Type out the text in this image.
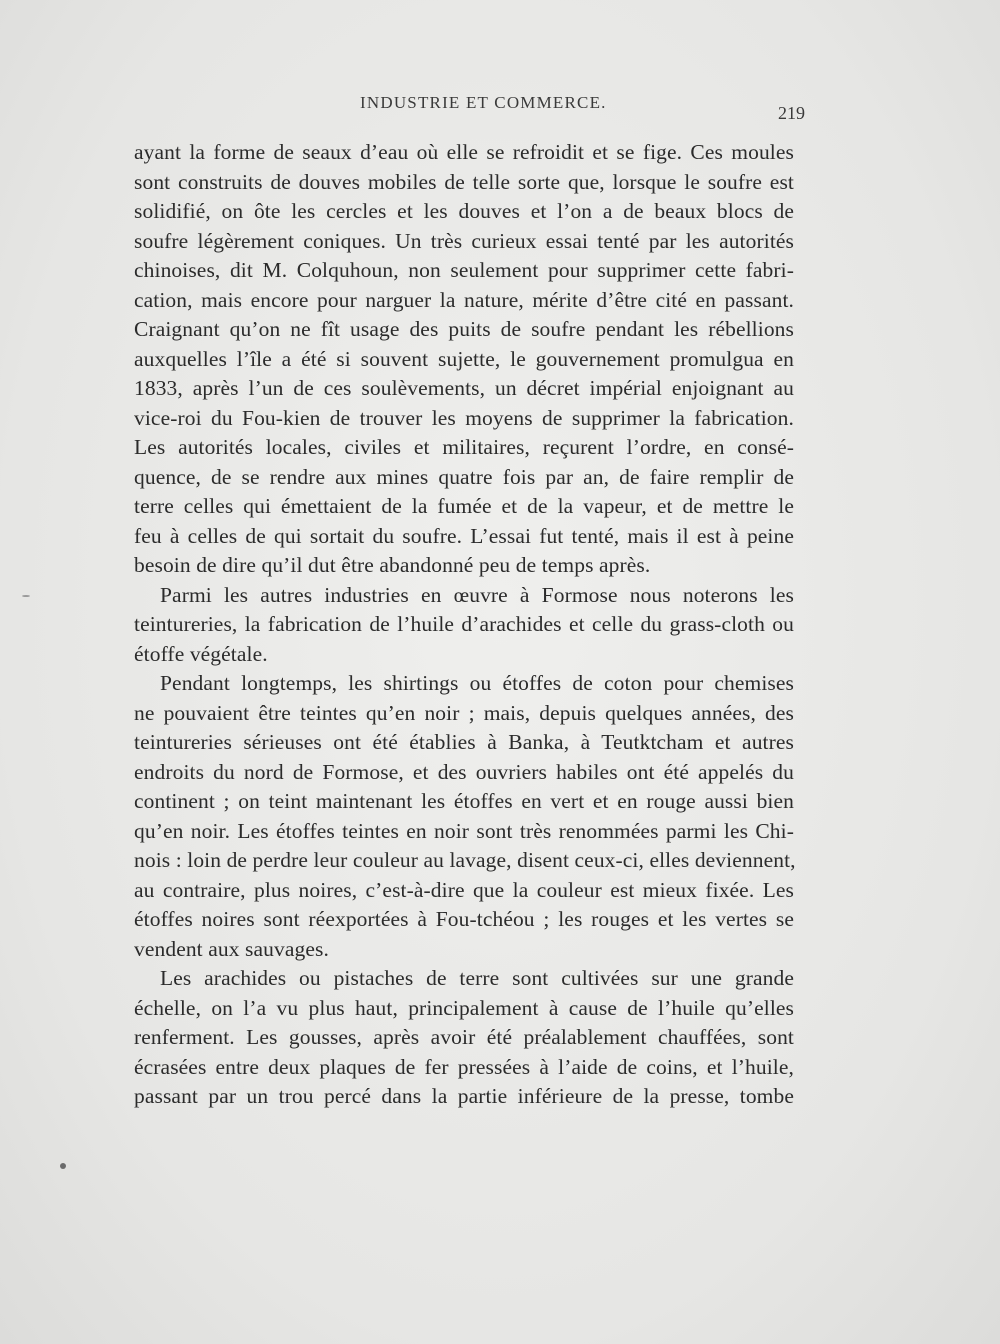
INDUSTRIE ET COMMERCE.
219
ayant la forme de seaux d’eau où elle se refroidit et se fige. Ces moules
sont construits de douves mobiles de telle sorte que, lorsque le soufre est
solidifié, on ôte les cercles et les douves et l’on a de beaux blocs de
soufre légèrement coniques. Un très curieux essai tenté par les autorités
chinoises, dit M. Colquhoun, non seulement pour supprimer cette fabri-
cation, mais encore pour narguer la nature, mérite d’être cité en passant.
Craignant qu’on ne fît usage des puits de soufre pendant les rébellions
auxquelles l’île a été si souvent sujette, le gouvernement promulgua en
1833, après l’un de ces soulèvements, un décret impérial enjoignant au
vice-roi du Fou-kien de trouver les moyens de supprimer la fabrication.
Les autorités locales, civiles et militaires, reçurent l’ordre, en consé-
quence, de se rendre aux mines quatre fois par an, de faire remplir de
terre celles qui émettaient de la fumée et de la vapeur, et de mettre le
feu à celles de qui sortait du soufre. L’essai fut tenté, mais il est à peine
besoin de dire qu’il dut être abandonné peu de temps après.
Parmi les autres industries en œuvre à Formose nous noterons les
teintureries, la fabrication de l’huile d’arachides et celle du grass-cloth ou
étoffe végétale.
Pendant longtemps, les shirtings ou étoffes de coton pour chemises
ne pouvaient être teintes qu’en noir ; mais, depuis quelques années, des
teintureries sérieuses ont été établies à Banka, à Teutktcham et autres
endroits du nord de Formose, et des ouvriers habiles ont été appelés du
continent ; on teint maintenant les étoffes en vert et en rouge aussi bien
qu’en noir. Les étoffes teintes en noir sont très renommées parmi les Chi-
nois : loin de perdre leur couleur au lavage, disent ceux-ci, elles deviennent,
au contraire, plus noires, c’est-à-dire que la couleur est mieux fixée. Les
étoffes noires sont réexportées à Fou-tchéou ; les rouges et les vertes se
vendent aux sauvages.
Les arachides ou pistaches de terre sont cultivées sur une grande
échelle, on l’a vu plus haut, principalement à cause de l’huile qu’elles
renferment. Les gousses, après avoir été préalablement chauffées, sont
écrasées entre deux plaques de fer pressées à l’aide de coins, et l’huile,
passant par un trou percé dans la partie inférieure de la presse, tombe
